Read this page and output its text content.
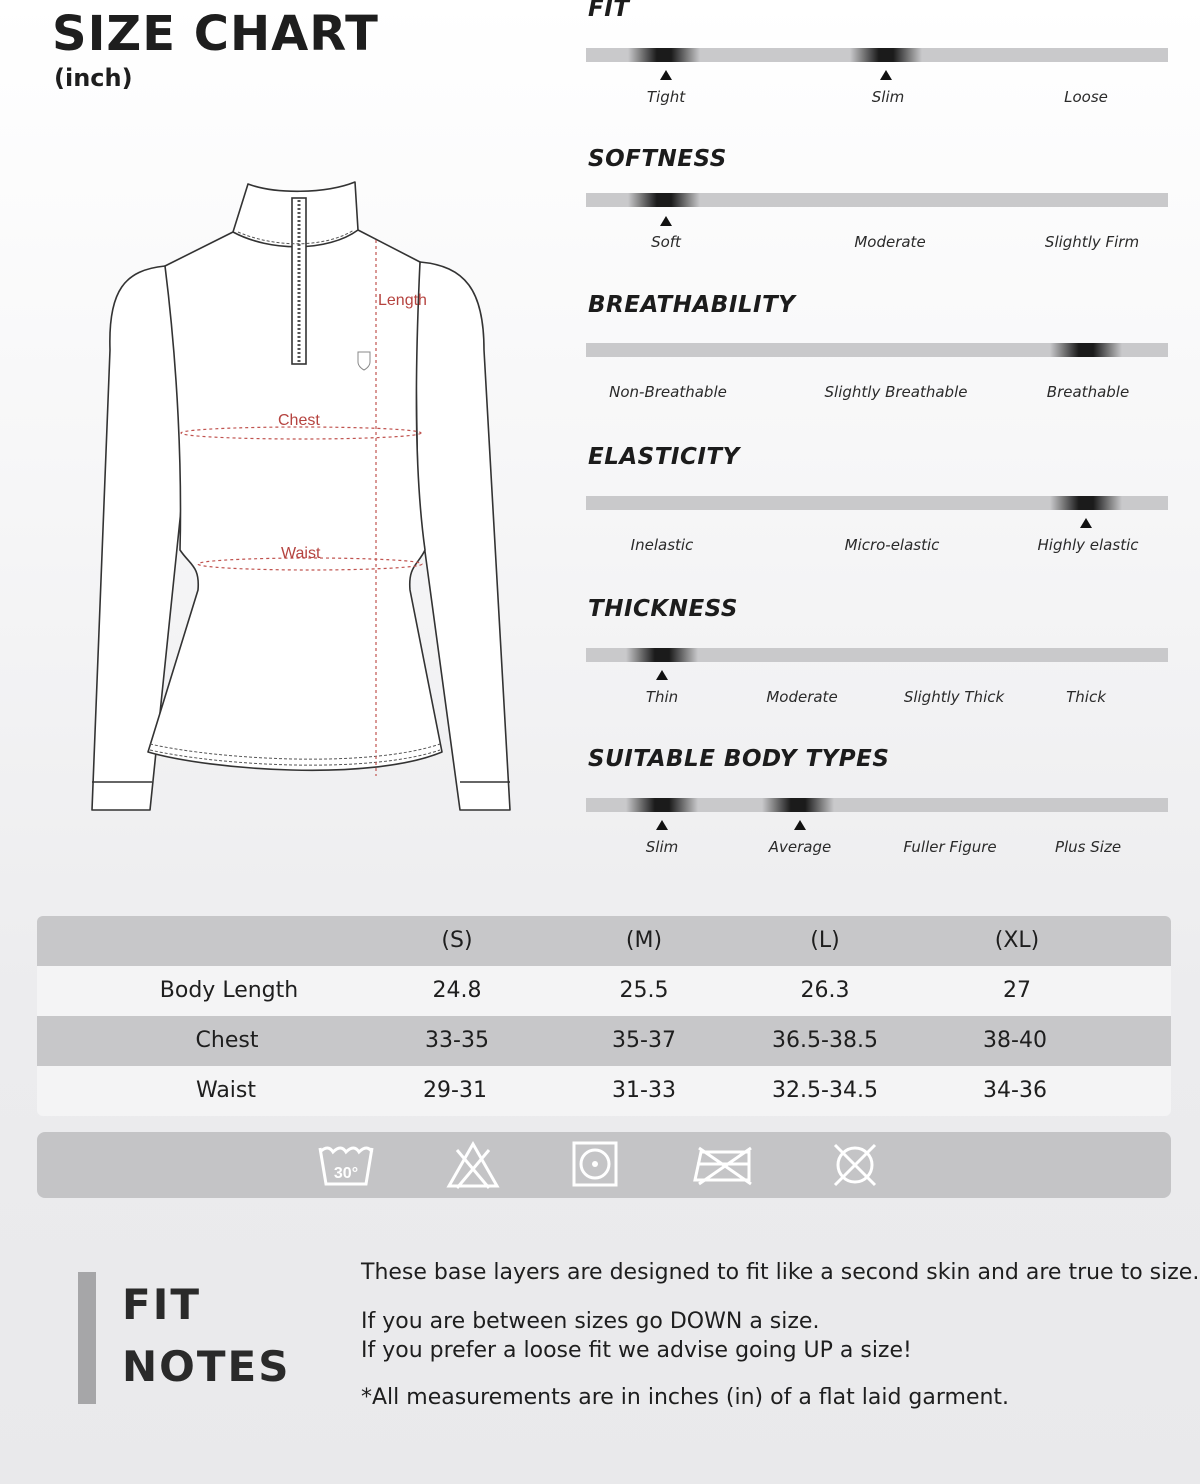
SIZE CHART
(inch)
Length
Chest
Waist
FIT
Tight	Slim	Loose
SOFTNESS
Soft	Moderate	Slightly Firm
BREATHABILITY
Non-Breathable	Slightly Breathable	Breathable
ELASTICITY
Inelastic	Micro-elastic	Highly elastic
THICKNESS
Thin	Moderate	Slightly Thick	Thick
SUITABLE BODY TYPES
Slim	Average	Fuller Figure	Plus Size
(S)	(M)	(L)	(XL)
Body Length	24.8	25.5	26.3	27
Chest	33-35	35-37	36.5-38.5	38-40
Waist	29-31	31-33	32.5-34.5	34-36
30°
FIT
NOTES
These base layers are designed to fit like a second skin and are true to size.
If you are between sizes go DOWN a size.
If you prefer a loose fit we advise going UP a size!
*All measurements are in inches (in) of a flat laid garment.
